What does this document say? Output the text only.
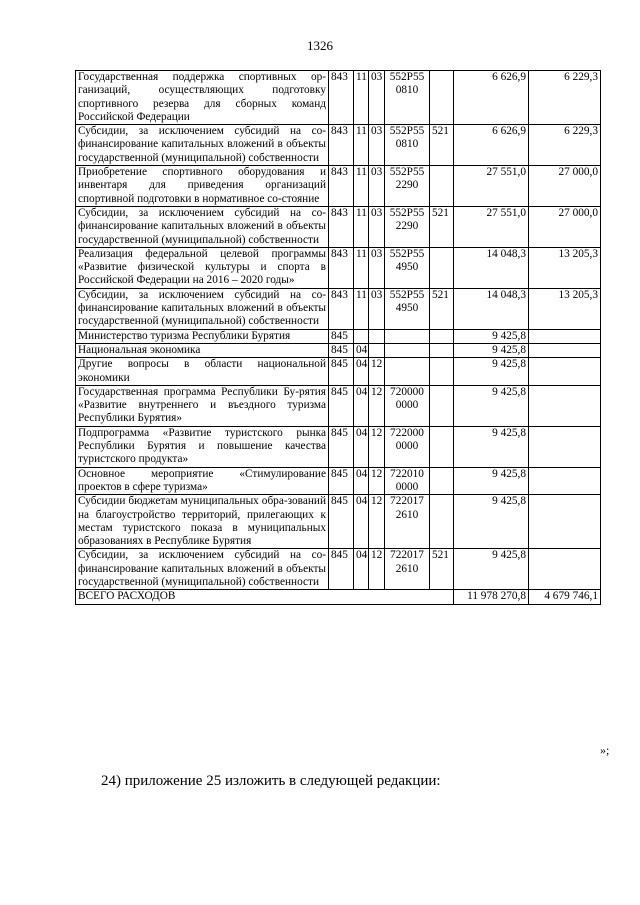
1326
Государственная поддержка спортивных ор-ганизаций, осуществляющих подготовку спортивного резерва для сборных команд Российской Федерации	843	11	03	552P55 0810		6 626,9	6 229,3
Субсидии, за исключением субсидий на со-финансирование капитальных вложений в объекты государственной (муниципальной) собственности	843	11	03	552P55 0810	521	6 626,9	6 229,3
Приобретение спортивного оборудования и инвентаря для приведения организаций спортивной подготовки в нормативное со-стояние	843	11	03	552P55 2290		27 551,0	27 000,0
Субсидии, за исключением субсидий на со-финансирование капитальных вложений в объекты государственной (муниципальной) собственности	843	11	03	552P55 2290	521	27 551,0	27 000,0
Реализация федеральной целевой программы «Развитие физической культуры и спорта в Российской Федерации на 2016 – 2020 годы»	843	11	03	552P55 4950		14 048,3	13 205,3
Субсидии, за исключением субсидий на со-финансирование капитальных вложений в объекты государственной (муниципальной) собственности	843	11	03	552P55 4950	521	14 048,3	13 205,3
Министерство туризма Республики Бурятия	845					9 425,8	
Национальная экономика	845	04				9 425,8	
Другие вопросы в области национальной экономики	845	04	12			9 425,8	
Государственная программа Республики Бу-рятия «Развитие внутреннего и въездного туризма Республики Бурятия»	845	04	12	720000 0000		9 425,8	
Подпрограмма «Развитие туристского рынка Республики Бурятия и повышение качества туристского продукта»	845	04	12	722000 0000		9 425,8	
Основное мероприятие «Стимулирование проектов в сфере туризма»	845	04	12	722010 0000		9 425,8	
Субсидии бюджетам муниципальных обра-зований на благоустройство территорий, прилегающих к местам туристского показа в муниципальных образованиях в Республике Бурятия	845	04	12	722017 2610		9 425,8	
Субсидии, за исключением субсидий на со-финансирование капитальных вложений в объекты государственной (муниципальной) собственности	845	04	12	722017 2610	521	9 425,8	
ВСЕГО РАСХОДОВ						11 978 270,8	4 679 746,1
»;
24) приложение 25 изложить в следующей редакции:
